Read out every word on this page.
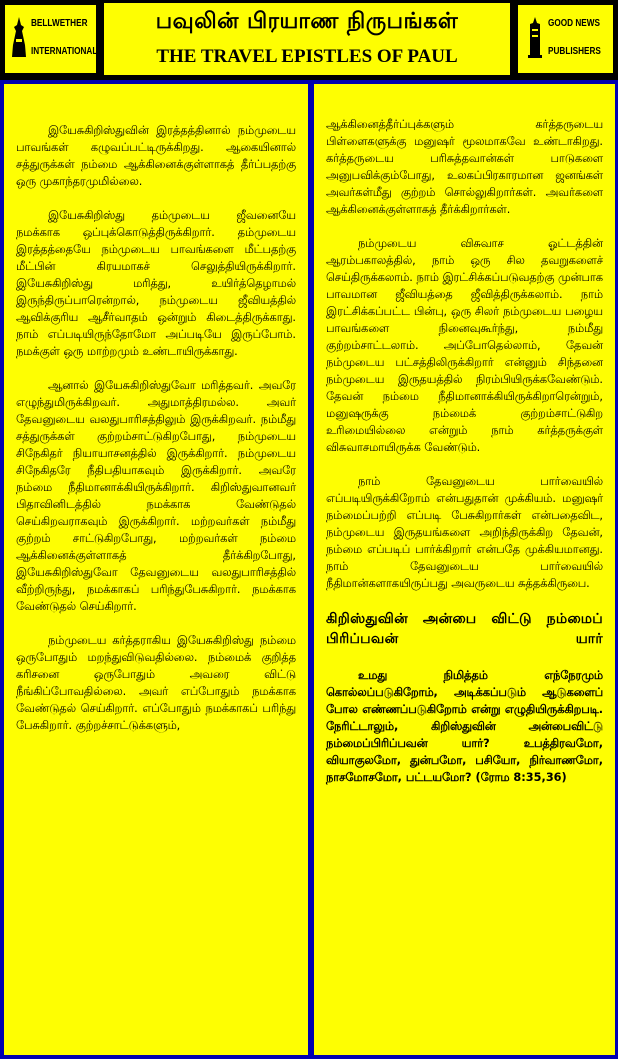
BELLWETHER
INTERNATIONAL
பவுலின் பிரயாண நிருபங்கள்
THE TRAVEL EPISTLES OF PAUL
GOOD NEWS
PUBLISHERS

இயேசுகிறிஸ்துவின் இரத்தத்தினால் நம்முடைய பாவங்கள் கழுவப்பட்டிருக்கிறது. ஆகையினால் சத்துருக்கள் நம்மை ஆக்கினைக்குள்ளாகத் தீர்ப்பதற்கு ஒரு முகாந்தரமுமில்லை.

இயேசுகிறிஸ்து தம்முடைய ஜீவனையே நமக்காக ஒப்புக்கொடுத்திருக்கிறார். தம்முடைய இரத்தத்தையே நம்முடைய பாவங்களை மீட்பதற்கு மீட்பின் கிரயமாகச் செலுத்தியிருக்கிறார். இயேசுகிறிஸ்து மரித்து, உயிர்த்தெழாமல் இருந்திருப்பாரென்றால், நம்முடைய ஜீவியத்தில் ஆவிக்குரிய ஆசீர்வாதம் ஒன்றும் கிடைத்திருக்காது. நாம் எப்படியிருந்தோமோ அப்படியே இருப்போம். நமக்குள் ஒரு மாற்றமும் உண்டாயிருக்காது.

ஆனால் இயேசுகிறிஸ்துவோ மரித்தவர். அவரே எழுந்துமிருக்கிறவர். அதுமாத்திரமல்ல. அவர் தேவனுடைய வலதுபாரிசத்திலும் இருக்கிறவர். நம்மீது சத்துருக்கள் குற்றம்சாட்டுகிறபோது, நம்முடைய சிநேகிதர் நியாயாசனத்தில் இருக்கிறார். நம்முடைய சிநேகிதரே நீதிபதியாகவும் இருக்கிறார். அவரே நம்மை நீதிமானாக்கியிருக்கிறார். கிறிஸ்துவானவர் பிதாவினிடத்தில் நமக்காக வேண்டுதல் செய்கிறவராகவும் இருக்கிறார். மற்றவர்கள் நம்மீது குற்றம் சாட்டுகிறபோது, மற்றவர்கள் நம்மை ஆக்கினைக்குள்ளாகத் தீர்க்கிறபோது, இயேசுகிறிஸ்துவோ தேவனுடைய வலதுபாரிசத்தில் வீற்றிருந்து, நமக்காகப் பரிந்துபேசுகிறார். நமக்காக வேண்டுதல் செய்கிறார்.

நம்முடைய கர்த்தராகிய இயேசுகிறிஸ்து நம்மை ஒருபோதும் மறந்துவிடுவதில்லை. நம்மைக் குறித்த கரிசனை ஒருபோதும் அவரை விட்டு நீங்கிப்போவதில்லை. அவர் எப்போதும் நமக்காக வேண்டுதல் செய்கிறார். எப்போதும் நமக்காகப் பரிந்து பேசுகிறார். குற்றச்சாட்டுக்களும்,

ஆக்கினைத்தீர்ப்புக்களும் கர்த்தருடைய பிள்ளைகளுக்கு மனுஷர் மூலமாகவே உண்டாகிறது. கர்த்தருடைய பரிசுத்தவான்கள் பாடுகளை அனுபவிக்கும்போது, உலகப்பிரகாரமான ஜனங்கள் அவர்கள்மீது குற்றம் சொல்லுகிறார்கள். அவர்களை ஆக்கினைக்குள்ளாகத் தீர்க்கிறார்கள்.

நம்முடைய விசுவாச ஓட்டத்தின் ஆரம்பகாலத்தில், நாம் ஒரு சில தவறுகளைச் செய்திருக்கலாம். நாம் இரட்சிக்கப்படுவதற்கு முன்பாக பாவமான ஜீவியத்தை ஜீவித்திருக்கலாம். நாம் இரட்சிக்கப்பட்ட பின்பு, ஒரு சிலர் நம்முடைய பழைய பாவங்களை நினைவுகூர்ந்து, நம்மீது குற்றம்சாட்டலாம். அப்போதெல்லாம், தேவன் நம்முடைய பட்சத்திலிருக்கிறார் என்னும் சிந்தனை நம்முடைய இருதயத்தில் நிரம்பியிருக்கவேண்டும். தேவன் நம்மை நீதிமானாக்கியிருக்கிறாரென்றும், மனுஷருக்கு நம்மைக் குற்றம்சாட்டுகிற உரிமையில்லை என்றும் நாம் கர்த்தருக்குள் விசுவாசமாயிருக்க வேண்டும்.

நாம் தேவனுடைய பார்வையில் எப்படியிருக்கிறோம் என்பதுதான் முக்கியம். மனுஷர் நம்மைப்பற்றி எப்படி பேசுகிறார்கள் என்பதைவிட, நம்முடைய இருதயங்களை அறிந்திருக்கிற தேவன், நம்மை எப்படிப் பார்க்கிறார் என்பதே முக்கியமானது. நாம் தேவனுடைய பார்வையில் நீதிமான்களாகயிருப்பது அவருடைய சுத்தக்கிருபை.

கிறிஸ்துவின் அன்பை விட்டு நம்மைப் பிரிப்பவன் யார்

உமது நிமித்தம் எந்நேரமும் கொல்லப்படுகிறோம், அடிக்கப்படும் ஆடுகளைப் போல எண்ணப்படுகிறோம் என்று எழுதியிருக்கிறபடி. நேரிட்டாலும், கிறிஸ்துவின் அன்பைவிட்டு நம்மைப்பிரிப்பவன் யார்? உபத்திரவமோ, வியாகுலமோ, துன்பமோ, பசியோ, நிர்வாணமோ, நாசமோசமோ, பட்டயமோ? (ரோம 8:35,36)
